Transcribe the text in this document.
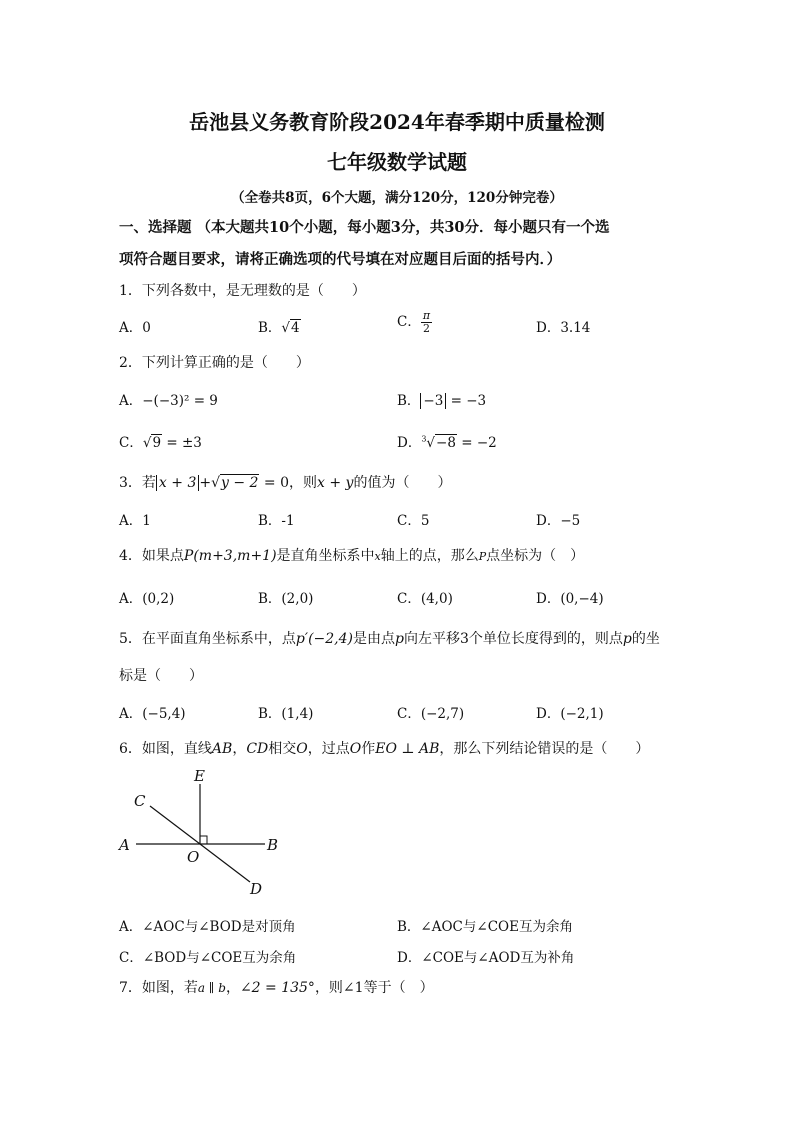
岳池县义务教育阶段2024年春季期中质量检测
七年级数学试题
（全卷共8页，6个大题，满分120分，120分钟完卷）
一、选择题 （本大题共10个小题，每小题3分，共30分．每小题只有一个选
项符合题目要求，请将正确选项的代号填在对应题目后面的括号内．）
1．下列各数中，是无理数的是（　　）
A．0	B．√4	C． $\frac{\pi}{2}$	D．3.14
2．下列计算正确的是（　　）
A．−(−3)² = 9	B． −3 = −3
C．√9 = ±3	D．$^3$√−8 = −2
3．若 x + 3 +√y − 2 = 0，则x + y的值为（　　）
A．1	B．-1	C．5	D．−5
4．如果点P(m+3,m+1)是直角坐标系中x轴上的点，那么P点坐标为（　）
A．(0,2)	B．(2,0)	C．(4,0)	D．(0,−4)
5．在平面直角坐标系中，点p′(−2,4)是由点p向左平移3个单位长度得到的，则点p的坐
标是（　　）
A．(−5,4)	B．(1,4)	C．(−2,7)	D．(−2,1)
6．如图，直线AB，CD相交O，过点O作EO ⊥ AB，那么下列结论错误的是（　　）
E
C
A
O
B
D
A．∠AOC与∠BOD是对顶角	B．∠AOC与∠COE互为余角
C．∠BOD与∠COE互为余角	D．∠COE与∠AOD互为补角
7．如图，若a ∥ b，∠2 = 135°，则∠1等于（　）
